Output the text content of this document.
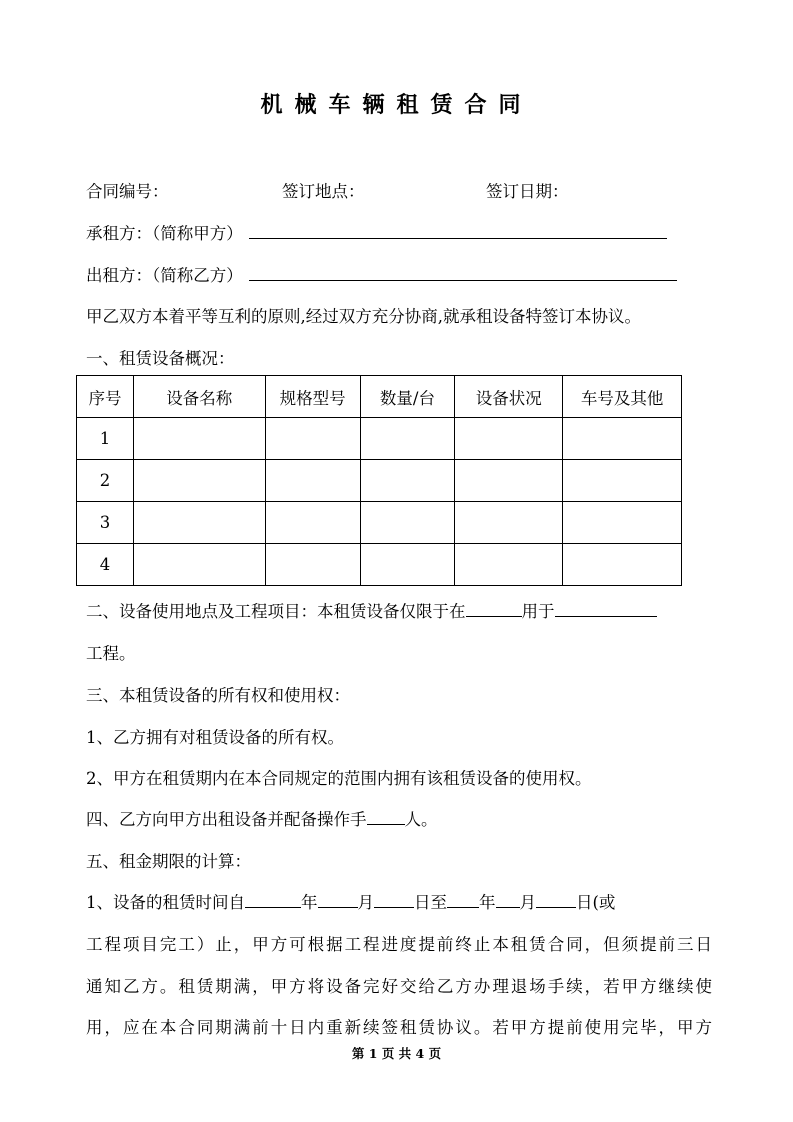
机械车辆租赁合同
合同编号：	签订地点：	签订日期：
承租方：（简称甲方）
出租方：（简称乙方）
甲乙双方本着平等互利的原则,经过双方充分协商,就承租设备特签订本协议。
一、租赁设备概况：
序号	设备名称	规格型号	数量/台	设备状况	车号及其他
1					
2					
3					
4					
二、设备使用地点及工程项目：本租赁设备仅限于在	用于
工程。
三、本租赁设备的所有权和使用权：
1、乙方拥有对租赁设备的所有权。
2、甲方在租赁期内在本合同规定的范围内拥有该租赁设备的使用权。
四、乙方向甲方出租设备并配备操作手 人。
五、租金期限的计算：
1、设备的租赁时间自	年 月 日至 年 月 日(或
工程项目完工）止，甲方可根据工程进度提前终止本租赁合同，但须提前三日
通知乙方。租赁期满，甲方将设备完好交给乙方办理退场手续，若甲方继续使
用，应在本合同期满前十日内重新续签租赁协议。若甲方提前使用完毕，甲方
第 1 页 共 4 页
